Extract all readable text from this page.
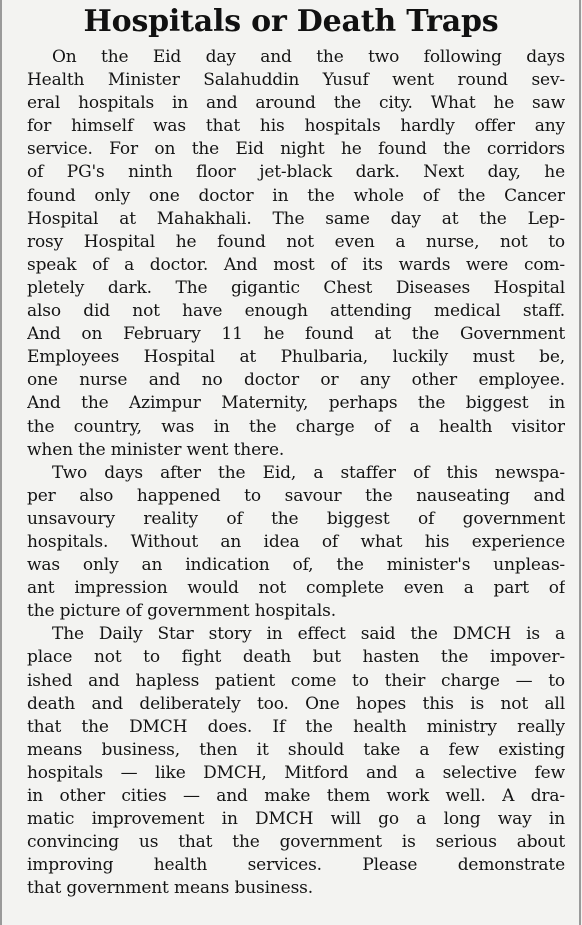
Hospitals or Death Traps
On the Eid day and the two following days
Health Minister Salahuddin Yusuf went round sev-
eral hospitals in and around the city. What he saw
for himself was that his hospitals hardly offer any
service. For on the Eid night he found the corridors
of PG's ninth floor jet-black dark. Next day, he
found only one doctor in the whole of the Cancer
Hospital at Mahakhali. The same day at the Lep-
rosy Hospital he found not even a nurse, not to
speak of a doctor. And most of its wards were com-
pletely dark. The gigantic Chest Diseases Hospital
also did not have enough attending medical staff.
And on February 11 he found at the Government
Employees Hospital at Phulbaria, luckily must be,
one nurse and no doctor or any other employee.
And the Azimpur Maternity, perhaps the biggest in
the country, was in the charge of a health visitor
when the minister went there.
Two days after the Eid, a staffer of this newspa-
per also happened to savour the nauseating and
unsavoury reality of the biggest of government
hospitals. Without an idea of what his experience
was only an indication of, the minister's unpleas-
ant impression would not complete even a part of
the picture of government hospitals.
The Daily Star story in effect said the DMCH is a
place not to fight death but hasten the impover-
ished and hapless patient come to their charge — to
death and deliberately too. One hopes this is not all
that the DMCH does. If the health ministry really
means business, then it should take a few existing
hospitals — like DMCH, Mitford and a selective few
in other cities — and make them work well. A dra-
matic improvement in DMCH will go a long way in
convincing us that the government is serious about
improving health services. Please demonstrate
that government means business.
